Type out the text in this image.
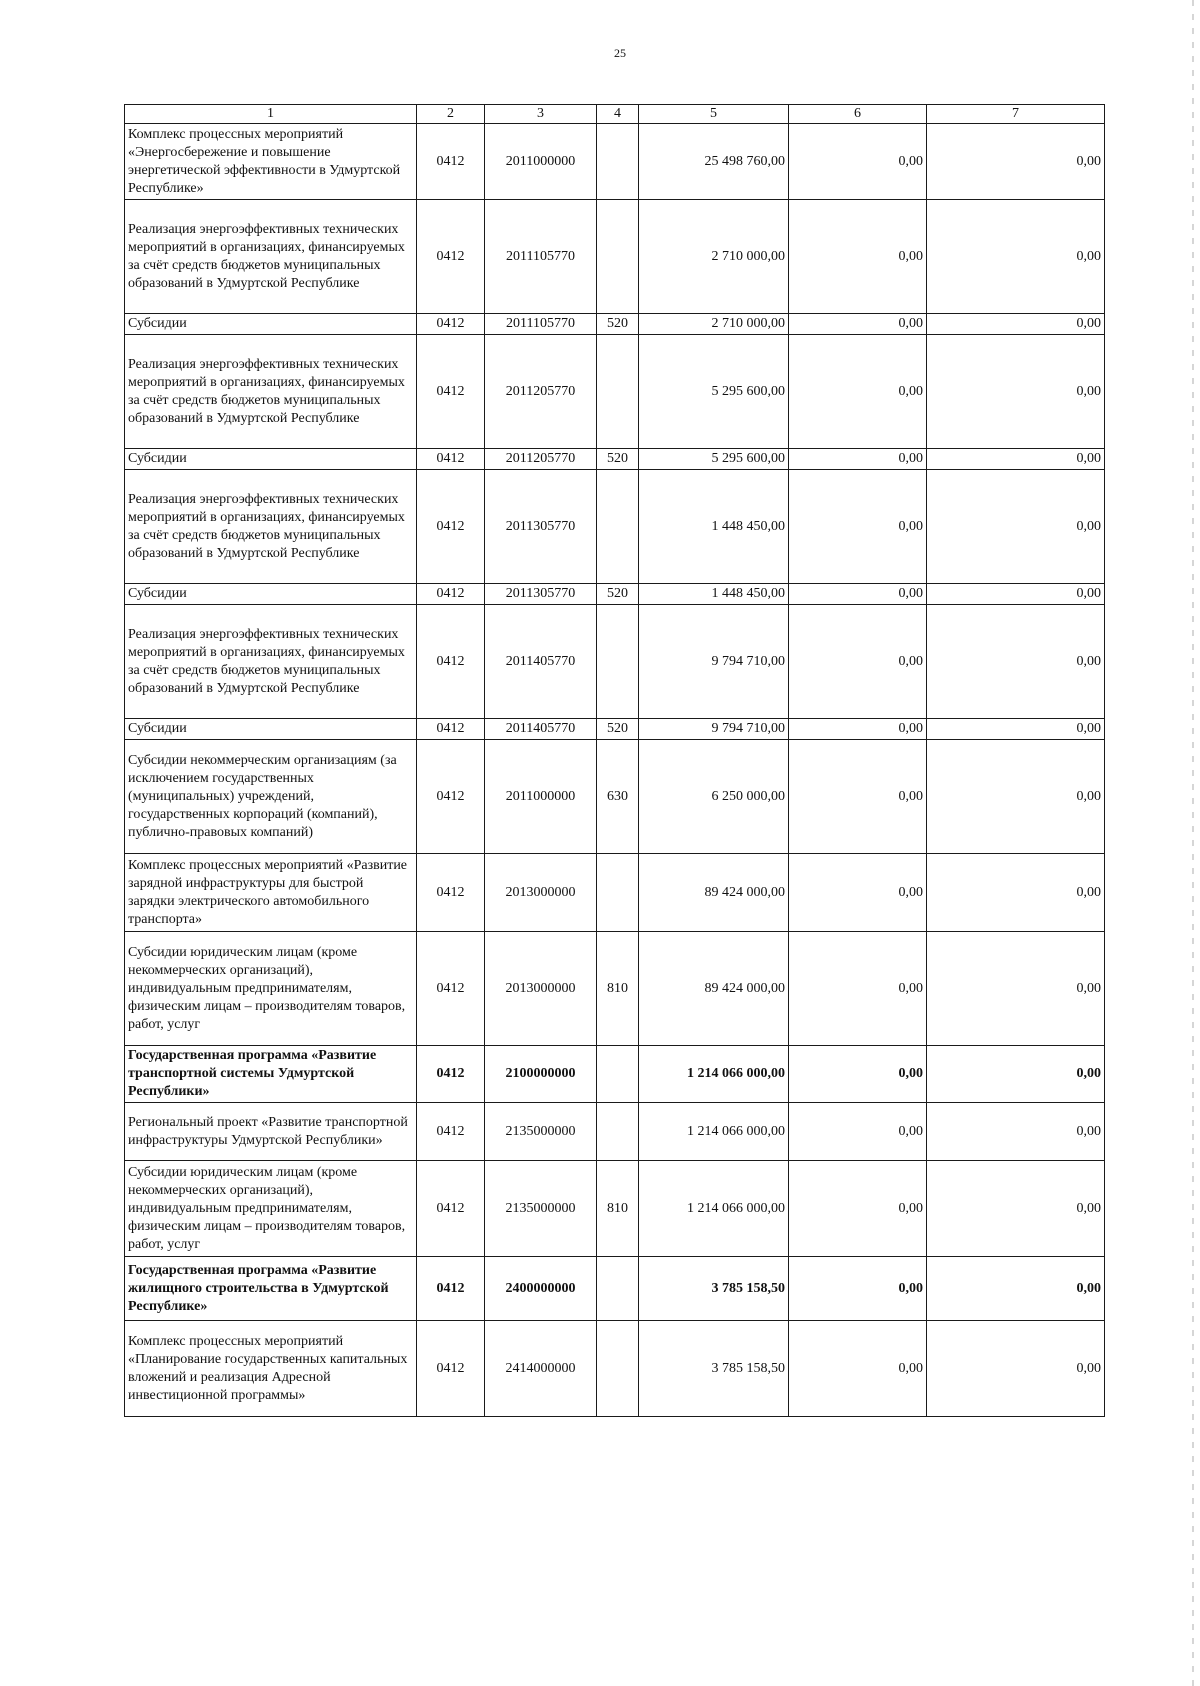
25
1	2	3	4	5	6	7
Комплекс процессных мероприятий «Энергосбережение и повышение энергетической эффективности в Удмуртской Республике»	0412	2011000000		25 498 760,00	0,00	0,00
Реализация энергоэффективных технических мероприятий в организациях, финансируемых за счёт средств бюджетов муниципальных образований в Удмуртской Республике	0412	2011105770		2 710 000,00	0,00	0,00
Субсидии	0412	2011105770	520	2 710 000,00	0,00	0,00
Реализация энергоэффективных технических мероприятий в организациях, финансируемых за счёт средств бюджетов муниципальных образований в Удмуртской Республике	0412	2011205770		5 295 600,00	0,00	0,00
Субсидии	0412	2011205770	520	5 295 600,00	0,00	0,00
Реализация энергоэффективных технических мероприятий в организациях, финансируемых за счёт средств бюджетов муниципальных образований в Удмуртской Республике	0412	2011305770		1 448 450,00	0,00	0,00
Субсидии	0412	2011305770	520	1 448 450,00	0,00	0,00
Реализация энергоэффективных технических мероприятий в организациях, финансируемых за счёт средств бюджетов муниципальных образований в Удмуртской Республике	0412	2011405770		9 794 710,00	0,00	0,00
Субсидии	0412	2011405770	520	9 794 710,00	0,00	0,00
Субсидии некоммерческим организациям (за исключением государственных (муниципальных) учреждений, государственных корпораций (компаний), публично-правовых компаний)	0412	2011000000	630	6 250 000,00	0,00	0,00
Комплекс процессных мероприятий «Развитие зарядной инфраструктуры для быстрой зарядки электрического автомобильного транспорта»	0412	2013000000		89 424 000,00	0,00	0,00
Субсидии юридическим лицам (кроме некоммерческих организаций), индивидуальным предпринимателям, физическим лицам – производителям товаров, работ, услуг	0412	2013000000	810	89 424 000,00	0,00	0,00
Государственная программа «Развитие транспортной системы Удмуртской Республики»	0412	2100000000		1 214 066 000,00	0,00	0,00
Региональный проект «Развитие транспортной инфраструктуры Удмуртской Республики»	0412	2135000000		1 214 066 000,00	0,00	0,00
Субсидии юридическим лицам (кроме некоммерческих организаций), индивидуальным предпринимателям, физическим лицам – производителям товаров, работ, услуг	0412	2135000000	810	1 214 066 000,00	0,00	0,00
Государственная программа «Развитие жилищного строительства в Удмуртской Республике»	0412	2400000000		3 785 158,50	0,00	0,00
Комплекс процессных мероприятий «Планирование государственных капитальных вложений и реализация Адресной инвестиционной программы»	0412	2414000000		3 785 158,50	0,00	0,00
